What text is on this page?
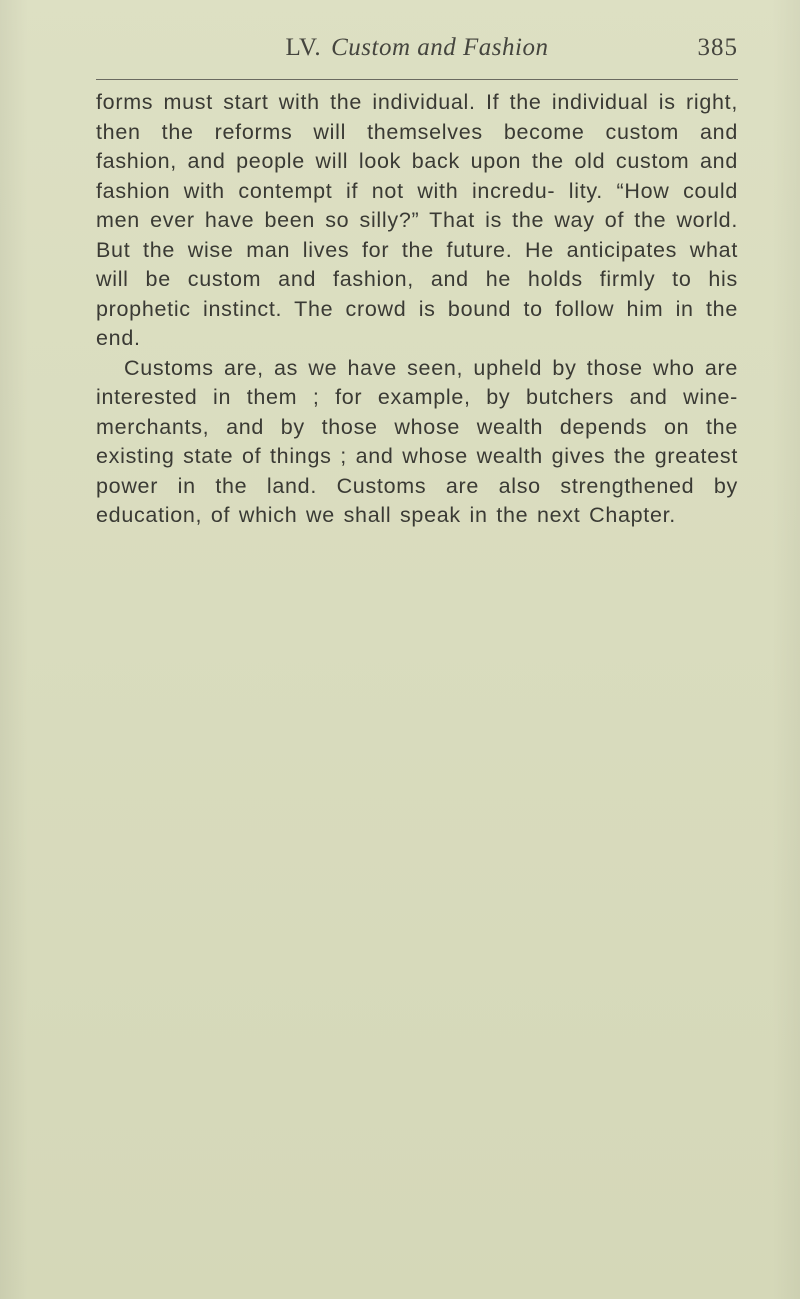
LV. Custom and Fashion	385

forms must start with the individual. If the individual is right, then the reforms will themselves become custom and fashion, and people will look back upon the old custom and fashion with contempt if not with incredu- lity. “How could men ever have been so silly?” That is the way of the world. But the wise man lives for the future. He anticipates what will be custom and fashion, and he holds firmly to his prophetic instinct. The crowd is bound to follow him in the end.

Customs are, as we have seen, upheld by those who are interested in them ; for example, by butchers and wine-merchants, and by those whose wealth depends on the existing state of things ; and whose wealth gives the greatest power in the land. Customs are also strengthened by education, of which we shall speak in the next Chapter.
